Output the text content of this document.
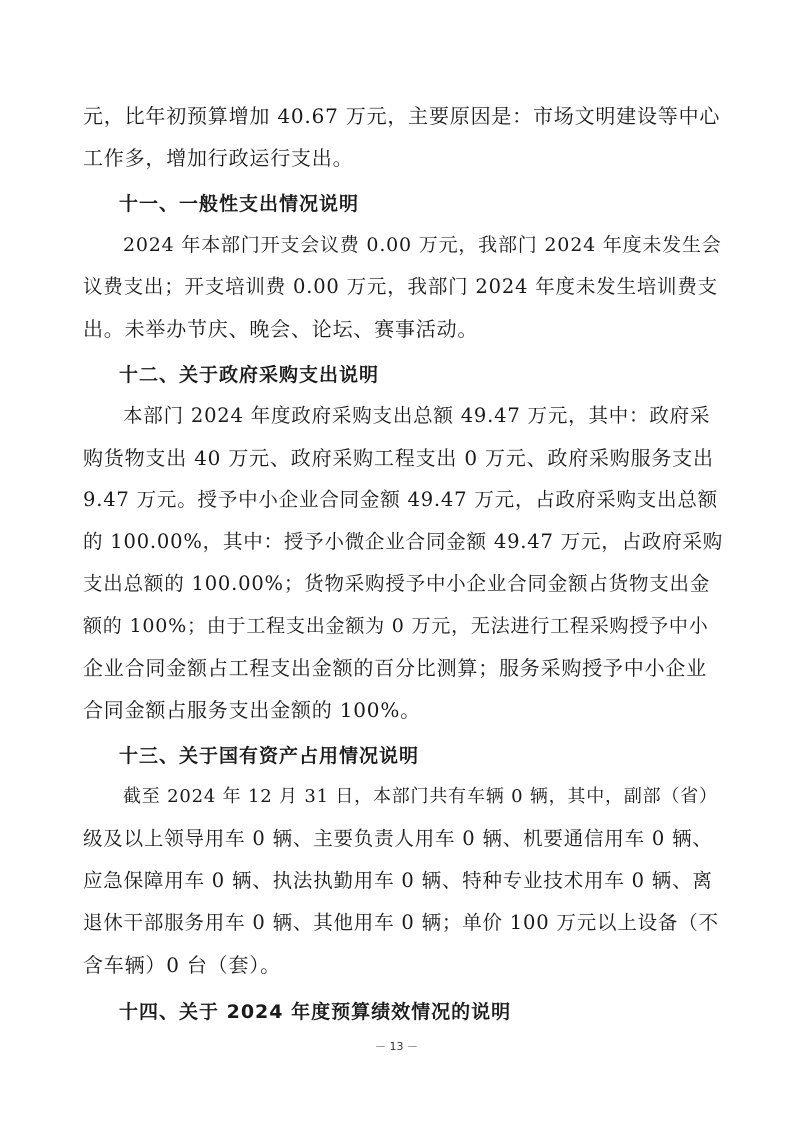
元，比年初预算增加 40.67 万元，主要原因是：市场文明建设等中心
工作多，增加行政运行支出。
十一、一般性支出情况说明
2024 年本部门开支会议费 0.00 万元，我部门 2024 年度未发生会
议费支出；开支培训费 0.00 万元，我部门 2024 年度未发生培训费支
出。未举办节庆、晚会、论坛、赛事活动。
十二、关于政府采购支出说明
本部门 2024 年度政府采购支出总额 49.47 万元，其中：政府采
购货物支出 40 万元、政府采购工程支出 0 万元、政府采购服务支出
9.47 万元。授予中小企业合同金额 49.47 万元，占政府采购支出总额
的 100.00%，其中：授予小微企业合同金额 49.47 万元，占政府采购
支出总额的 100.00%；货物采购授予中小企业合同金额占货物支出金
额的 100%；由于工程支出金额为 0 万元，无法进行工程采购授予中小
企业合同金额占工程支出金额的百分比测算；服务采购授予中小企业
合同金额占服务支出金额的 100%。
十三、关于国有资产占用情况说明
截至 2024 年 12 月 31 日，本部门共有车辆 0 辆，其中，副部（省）
级及以上领导用车 0 辆、主要负责人用车 0 辆、机要通信用车 0 辆、
应急保障用车 0 辆、执法执勤用车 0 辆、特种专业技术用车 0 辆、离
退休干部服务用车 0 辆、其他用车 0 辆；单价 100 万元以上设备（不
含车辆）0 台（套）。
十四、关于 2024 年度预算绩效情况的说明
－ 13 －
